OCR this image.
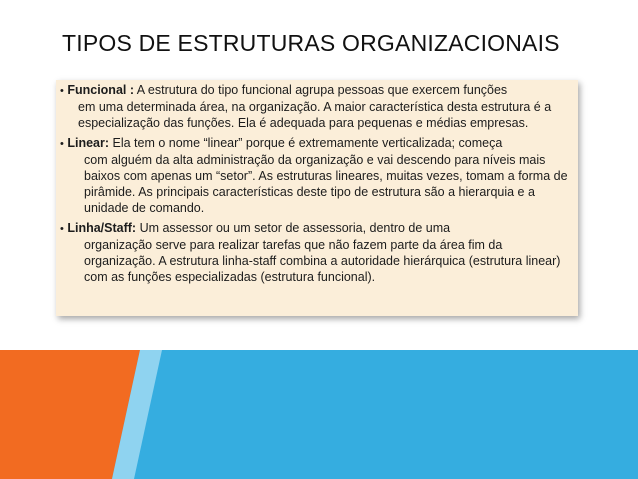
TIPOS DE ESTRUTURAS ORGANIZACIONAIS
• Funcional : A estrutura do tipo funcional agrupa pessoas que exercem funções
em uma determinada área, na organização. A maior característica desta estrutura é a especialização das funções. Ela é adequada para pequenas e médias empresas.
• Linear: Ela tem o nome “linear” porque é extremamente verticalizada; começa
com alguém da alta administração da organização e vai descendo para níveis mais baixos com apenas um “setor”. As estruturas lineares, muitas vezes, tomam a forma de pirâmide. As principais características deste tipo de estrutura são a hierarquia e a unidade de comando.
• Linha/Staff: Um assessor ou um setor de assessoria, dentro de uma
organização serve para realizar tarefas que não fazem parte da área fim da organização. A estrutura linha-staff combina a autoridade hierárquica (estrutura linear) com as funções especializadas (estrutura funcional).
